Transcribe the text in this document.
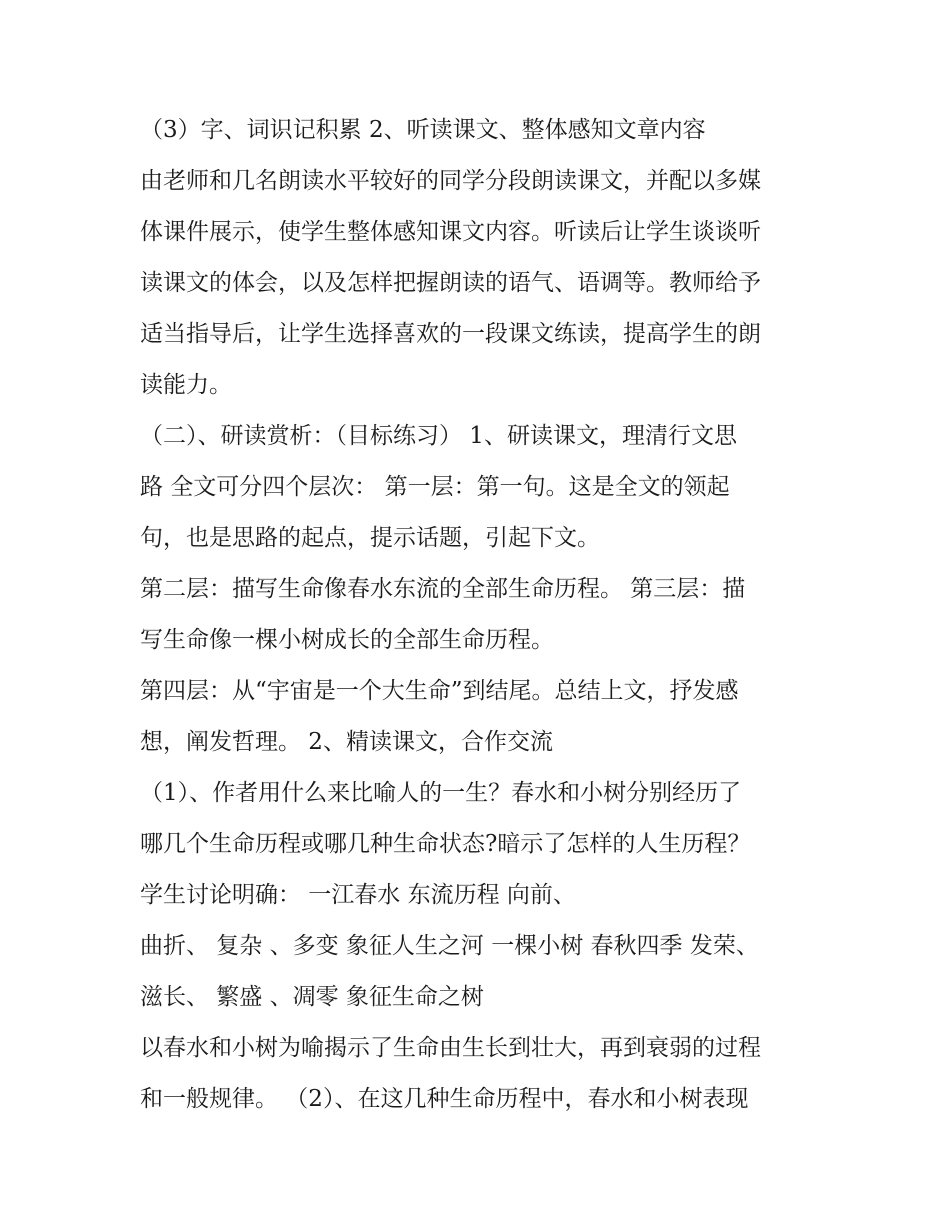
（3）字、词识记积累 2、听读课文、整体感知文章内容
由老师和几名朗读水平较好的同学分段朗读课文，并配以多媒
体课件展示，使学生整体感知课文内容。听读后让学生谈谈听
读课文的体会，以及怎样把握朗读的语气、语调等。教师给予
适当指导后，让学生选择喜欢的一段课文练读，提高学生的朗
读能力。
（二）、研读赏析：（目标练习） 1、研读课文，理清行文思
路 全文可分四个层次： 第一层：第一句。这是全文的领起
句，也是思路的起点，提示话题，引起下文。
第二层：描写生命像春水东流的全部生命历程。 第三层：描
写生命像一棵小树成长的全部生命历程。
第四层：从“宇宙是一个大生命”到结尾。总结上文，抒发感
想，阐发哲理。 2、精读课文，合作交流
（1）、作者用什么来比喻人的一生？春水和小树分别经历了
哪几个生命历程或哪几种生命状态?暗示了怎样的人生历程？
学生讨论明确： 一江春水 东流历程 向前、
曲折、 复杂 、多变 象征人生之河 一棵小树 春秋四季 发荣、
滋长、 繁盛 、凋零 象征生命之树
以春水和小树为喻揭示了生命由生长到壮大，再到衰弱的过程
和一般规律。 （2）、在这几种生命历程中，春水和小树表现
